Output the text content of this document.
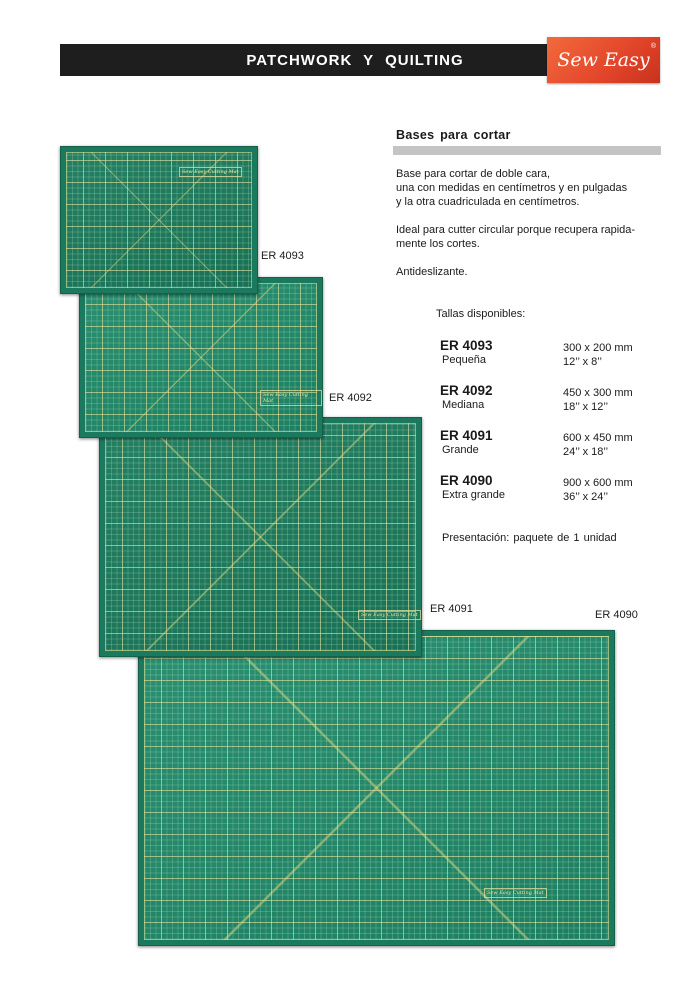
PATCHWORK Y QUILTING	Sew Easy
®
Bases para cortar
Base para cortar de doble cara,
una con medidas en centímetros y en pulgadas
y la otra cuadriculada en centímetros.
Ideal para cutter circular porque recupera rapida-
mente los cortes.
Antideslizante.
Tallas disponibles:
ER 4093
Pequeña
300 x 200 mm
12’’ x 8’’
ER 4092
Mediana
450 x 300 mm
18’’ x 12’’
ER 4091
Grande
600 x 450 mm
24’’ x 18’’
ER 4090
Extra grande
900 x 600 mm
36’’ x 24’’
Presentación: paquete de 1 unidad
Sew Easy Cutting Mat
Sew Easy Cutting Mat
Sew Easy Cutting Mat
Sew Easy Cutting Mat
ER 4093
ER 4092
ER 4091	ER 4090
